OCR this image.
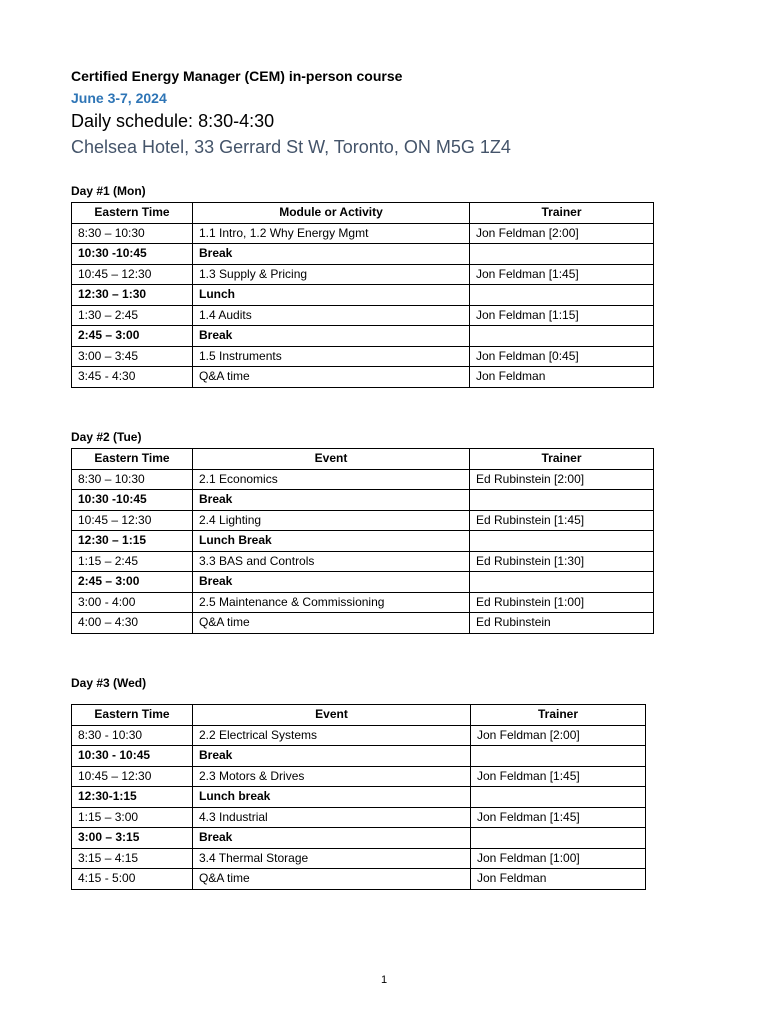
Certified Energy Manager (CEM) in-person course
June 3-7, 2024
Daily schedule: 8:30-4:30
Chelsea Hotel, 33 Gerrard St W, Toronto, ON M5G 1Z4
Day #1 (Mon)
Eastern Time	Module or Activity	Trainer
8:30 – 10:30	1.1 Intro, 1.2 Why Energy Mgmt	Jon Feldman [2:00]
10:30 -10:45	Break	
10:45 – 12:30	1.3 Supply & Pricing	Jon Feldman [1:45]
12:30 – 1:30	Lunch	
1:30 – 2:45	1.4 Audits	Jon Feldman [1:15]
2:45 – 3:00	Break	
3:00 – 3:45	1.5 Instruments	Jon Feldman [0:45]
3:45 - 4:30	Q&A time	Jon Feldman
Day #2 (Tue)
Eastern Time	Event	Trainer
8:30 – 10:30	2.1 Economics	Ed Rubinstein [2:00]
10:30 -10:45	Break	
10:45 – 12:30	2.4 Lighting	Ed Rubinstein [1:45]
12:30 – 1:15	Lunch Break	
1:15 – 2:45	3.3 BAS and Controls	Ed Rubinstein [1:30]
2:45 – 3:00	Break	
3:00 - 4:00	2.5 Maintenance & Commissioning	Ed Rubinstein [1:00]
4:00 – 4:30	Q&A time	Ed Rubinstein
Day #3 (Wed)
Eastern Time	Event	Trainer
8:30 - 10:30	2.2 Electrical Systems	Jon Feldman [2:00]
10:30 - 10:45	Break	
10:45 – 12:30	2.3 Motors & Drives	Jon Feldman [1:45]
12:30-1:15	Lunch break	
1:15 – 3:00	4.3 Industrial	Jon Feldman [1:45]
3:00 – 3:15	Break	
3:15 – 4:15	3.4 Thermal Storage	Jon Feldman [1:00]
4:15 - 5:00	Q&A time	Jon Feldman
1
